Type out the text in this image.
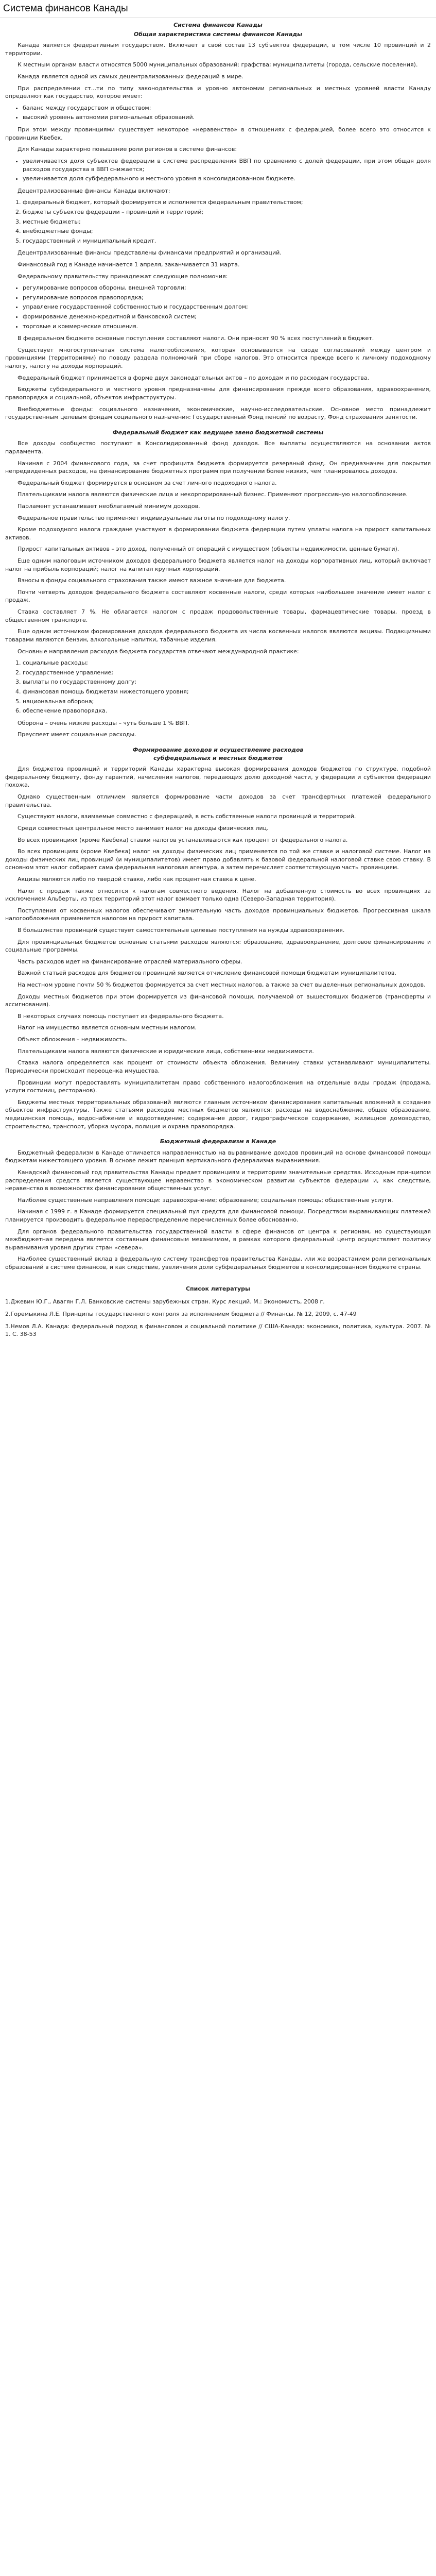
Система финансов Канады
Система финансов Канады
Общая характеристика системы финансов Канады

Канада является федеративным государством. Включает в свой состав 13 субъектов федерации, в том числе 10 провинций и 2 территории.

К местным органам власти относятся 5000 муниципальных образований: графства; муниципалитеты (города, сельские поселения).

Канада является одной из самых децентрализованных федераций в мире.

При распределении ст...ти по типу законодательства и уровню автономии региональных и местных уровней власти Канаду определяют как государство, которое имеет:

• баланс между государством и обществом;
• высокий уровень автономии региональных образований.

При этом между провинциями существует некоторое «неравенство» в отношениях с федерацией, более всего это относится к провинции Квебек.

Для Канады характерно повышение роли регионов в системе финансов:

• увеличивается доля субъектов федерации в системе распределения ВВП по сравнению с долей федерации, при этом общая доля расходов государства в ВВП снижается;
• увеличивается доля субфедерального и местного уровня в консолидированном бюджете.

Децентрализованные финансы Канады включают:

1. федеральный бюджет, который формируется и исполняется федеральным правительством;
2. бюджеты субъектов федерации – провинций и территорий;
3. местные бюджеты;
4. внебюджетные фонды;
5. государственный и муниципальный кредит.

Децентрализованные финансы представлены финансами предприятий и организаций.

Финансовый год в Канаде начинается 1 апреля, заканчивается 31 марта.

Федеральному правительству принадлежат следующие полномочия:

• регулирование вопросов обороны, внешней торговли;
• регулирование вопросов правопорядка;
• управление государственной собственностью и государственным долгом;
• формирование денежно-кредитной и банковской систем;
• торговые и коммерческие отношения.

В федеральном бюджете основные поступления составляют налоги. Они приносят 90 % всех поступлений в бюджет.

Существует многоступенчатая система налогообложения, которая основывается на своде согласований между центром и провинциями (территориями) по поводу раздела полномочий при сборе налогов. Это относится прежде всего к личному подоходному налогу, налогу на доходы корпораций.

Федеральный бюджет принимается в форме двух законодательных актов – по доходам и по расходам государства.

Бюджеты субфедерального и местного уровня предназначены для финансирования прежде всего образования, здравоохранения, правопорядка и социальной, объектов инфраструктуры.

Внебюджетные фонды: социального назначения, экономические, научно-исследовательские. Основное место принадлежит государственным целевым фондам социального назначения: Государственный Фонд пенсий по возрасту, Фонд страхования занятости.

Федеральный бюджет как ведущее звено бюджетной системы

Все доходы сообщество поступают в Консолидированный фонд доходов. Все выплаты осуществляются на основании актов парламента.

Начиная с 2004 финансового года, за счет профицита бюджета формируется резервный фонд. Он предназначен для покрытия непредвиденных расходов, на финансирование бюджетных программ при получении более низких, чем планировалось доходов.

Федеральный бюджет формируется в основном за счет личного подоходного налога.

Плательщиками налога являются физические лица и некорпорированный бизнес. Применяют прогрессивную налогообложение.

Парламент устанавливает необлагаемый минимум доходов.

Федеральное правительство применяет индивидуальные льготы по подоходному налогу.

Кроме подоходного налога граждане участвуют в формировании бюджета федерации путем уплаты налога на прирост капитальных активов.

Прирост капитальных активов – это доход, полученный от операций с имуществом (объекты недвижимости, ценные бумаги).

Еще одним налоговым источником доходов федерального бюджета является налог на доходы корпоративных лиц, который включает налог на прибыль корпораций; налог на капитал крупных корпораций.

Взносы в фонды социального страхования также имеют важное значение для бюджета.

Почти четверть доходов федерального бюджета составляют косвенные налоги, среди которых наибольшее значение имеет налог с продаж.

Ставка составляет 7 %. Не облагается налогом с продаж продовольственные товары, фармацевтические товары, проезд в общественном транспорте.

Еще одним источником формирования доходов федерального бюджета из числа косвенных налогов являются акцизы. Подакцизными товарами являются бензин, алкогольные напитки, табачные изделия.

Основные направления расходов бюджета государства отвечают международной практике:

1. социальные расходы;
2. государственное управление;
3. выплаты по государственному долгу;
4. финансовая помощь бюджетам нижестоящего уровня;
5. национальная оборона;
6. обеспечение правопорядка.

Оборона – очень низкие расходы – чуть больше 1 % ВВП.

Преуспеет имеет социальные расходы.

Формирование доходов и осуществление расходов
субфедеральных и местных бюджетов

Для бюджетов провинций и территорий Канады характерна высокая формирования доходов бюджетов по структуре, подобной федеральному бюджету, фонду гарантий, начисления налогов, передающих долю доходной части, у федерации и субъектов федерации похожа.

Однако существенным отличием является формирование части доходов за счет трансфертных платежей федерального правительства.

Существуют налоги, взимаемые совместно с федерацией, в есть собственные налоги провинций и территорий.

Среди совместных центральное место занимает налог на доходы физических лиц.

Во всех провинциях (кроме Квебека) ставки налогов устанавливаются как процент от федерального налога.

Во всех провинциях (кроме Квебека) налог на доходы физических лиц применяется по той же ставке и налоговой системе. Налог на доходы физических лиц провинций (и муниципалитетов) имеет право добавлять к базовой федеральной налоговой ставке свою ставку. В основном этот налог собирает сама федеральная налоговая агентура, а затем перечисляет соответствующую часть провинциям.

Акцизы являются либо по твердой ставке, либо как процентная ставка к цене.

Налог с продаж также относится к налогам совместного ведения. Налог на добавленную стоимость во всех провинциях за исключением Альберты, из трех территорий этот налог взимает только одна (Северо-Западная территория).

Поступления от косвенных налогов обеспечивают значительную часть доходов провинциальных бюджетов. Прогрессивная шкала налогообложения применяется налогом на прирост капитала.

В большинстве провинций существует самостоятельные целевые поступления на нужды здравоохранения.

Для провинциальных бюджетов основные статьями расходов являются: образование, здравоохранение, долговое финансирование и социальные программы.

Часть расходов идет на финансирование отраслей материального сферы.

Важной статьей расходов для бюджетов провинций является отчисление финансовой помощи бюджетам муниципалитетов.

На местном уровне почти 50 % бюджетов формируется за счет местных налогов, а также за счет выделенных региональных доходов.

Доходы местных бюджетов при этом формируется из финансовой помощи, получаемой от вышестоящих бюджетов (трансферты и ассигнования).

В некоторых случаях помощь поступает из федерального бюджета.

Налог на имущество является основным местным налогом.

Объект обложения – недвижимость.

Плательщиками налога являются физические и юридические лица, собственники недвижимости.

Ставка налога определяется как процент от стоимости объекта обложения. Величину ставки устанавливают муниципалитеты. Периодически происходит переоценка имущества.

Провинции могут предоставлять муниципалитетам право собственного налогообложения на отдельные виды продаж (продажа, услуги гостиниц, ресторанов).

Бюджеты местных территориальных образований являются главным источником финансирования капитальных вложений в создание объектов инфраструктуры. Также статьями расходов местных бюджетов являются: расходы на водоснабжение, общее образование, медицинская помощь, водоснабжение и водоотведение; содержание дорог, гидрографическое содержание, жилищное домоводство, строительство, транспорт, уборка мусора, полиция и охрана правопорядка.

Бюджетный федерализм в Канаде

Бюджетный федерализм в Канаде отличается направленностью на выравнивание доходов провинций на основе финансовой помощи бюджетам нижестоящего уровня. В основе лежит принцип вертикального федерализма выравнивания.

Канадский финансовый год правительства Канады предает провинциям и территориям значительные средства. Исходным принципом распределения средств является существующее неравенство в экономическом развитии субъектов федерации и, как следствие, неравенство в возможностях финансирования общественных услуг.

Наиболее существенные направления помощи: здравоохранение; образование; социальная помощь; общественные услуги.

Начиная с 1999 г. в Канаде формируется специальный пул средств для финансовой помощи. Посредством выравнивающих платежей планируется производить федеральное перераспределение перечисленных более обоснованно.

Для органов федерального правительства государственной власти в сфере финансов от центра к регионам, но существующая межбюджетная передача является составным финансовым механизмом, в рамках которого федеральный центр осуществляет политику выравнивания уровня других стран «севера».

Наиболее существенный вклад в федеральную систему трансфертов правительства Канады, или же возрастанием роли региональных образований в системе финансов, и как следствие, увеличения доли субфедеральных бюджетов в консолидированном бюджете страны.

Список литературы

1.Джевин Ю.Г., Авагян Г.Л. Банковские системы зарубежных стран. Курс лекций. М.: Экономистъ, 2008 г.

2.Горемыкина Л.Е. Принципы государственного контроля за исполнением бюджета // Финансы. № 12, 2009, с. 47-49

3.Немов Л.А. Канада: федеральный подход в финансовом и социальной политике // США-Канада: экономика, политика, культура. 2007. № 1. С. 38-53
